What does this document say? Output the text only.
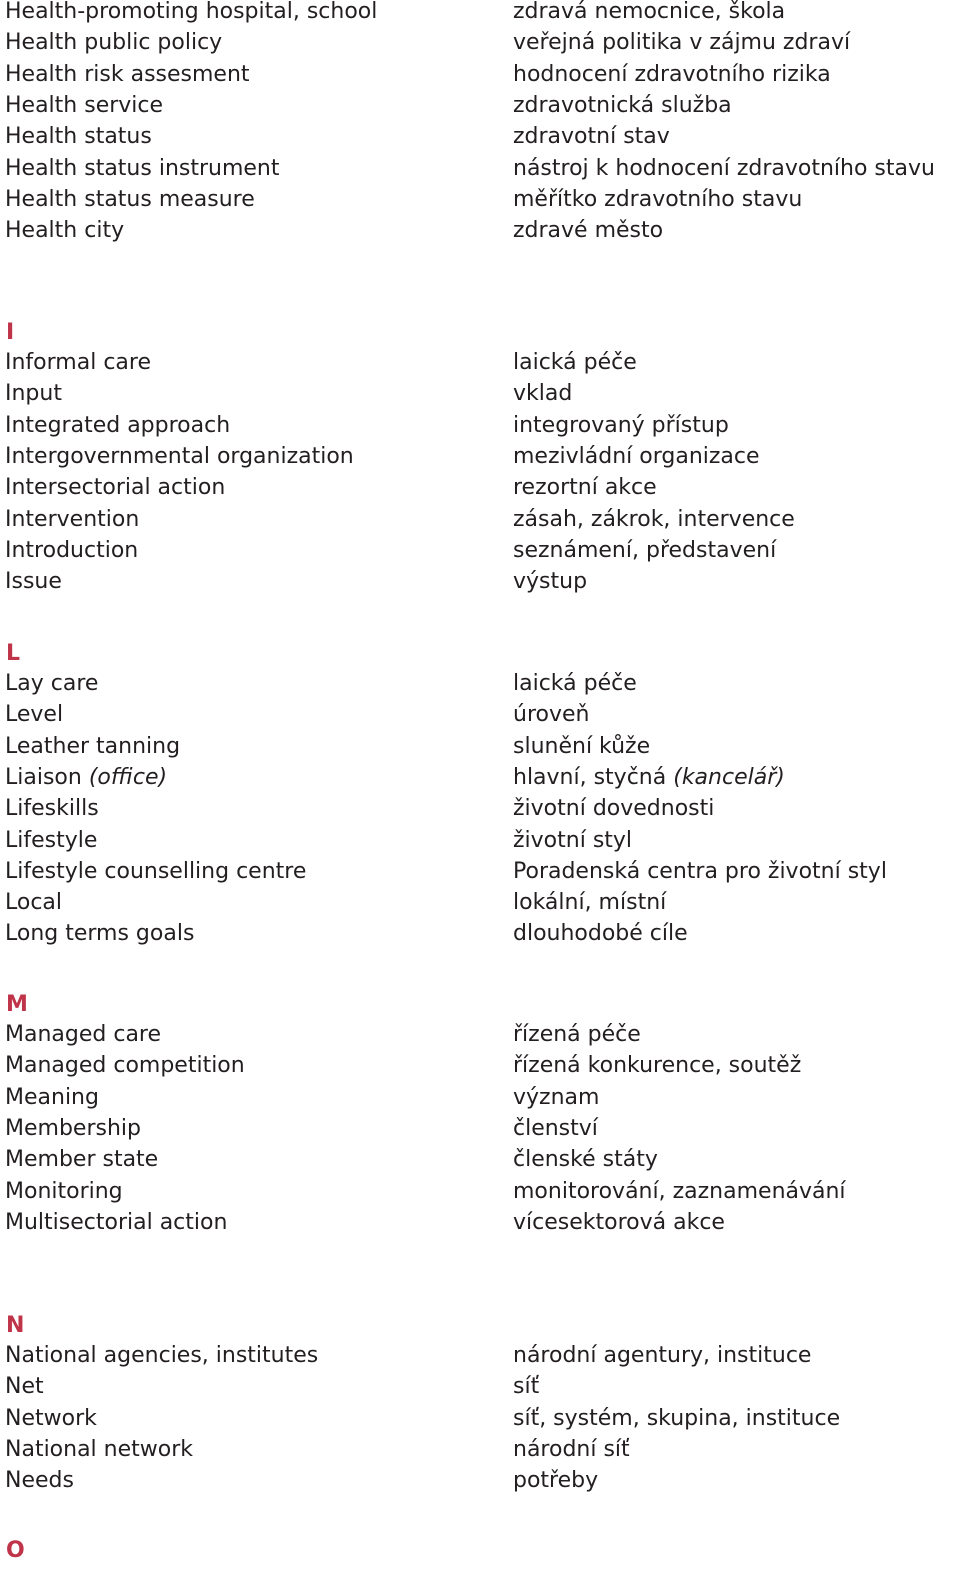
Health-promoting hospital, school	zdravá nemocnice, škola
Health public policy	veřejná politika v zájmu zdraví
Health risk assesment	hodnocení zdravotního rizika
Health service	zdravotnická služba
Health status	zdravotní stav
Health status instrument	nástroj k hodnocení zdravotního stavu
Health status measure	měřítko zdravotního stavu
Health city	zdravé město
I
Informal care	laická péče
Input	vklad
Integrated approach	integrovaný přístup
Intergovernmental organization	mezivládní organizace
Intersectorial action	rezortní akce
Intervention	zásah, zákrok, intervence
Introduction	seznámení, představení
Issue	výstup
L
Lay care	laická péče
Level	úroveň
Leather tanning	slunění kůže
Liaison (office)	hlavní, styčná (kancelář)
Lifeskills	životní dovednosti
Lifestyle	životní styl
Lifestyle counselling centre	Poradenská centra pro životní styl
Local	lokální, místní
Long terms goals	dlouhodobé cíle
M
Managed care	řízená péče
Managed competition	řízená konkurence, soutěž
Meaning	význam
Membership	členství
Member state	členské státy
Monitoring	monitorování, zaznamenávání
Multisectorial action	vícesektorová akce
N
National agencies, institutes	národní agentury, instituce
Net	síť
Network	síť, systém, skupina, instituce
National network	národní síť
Needs	potřeby
O
